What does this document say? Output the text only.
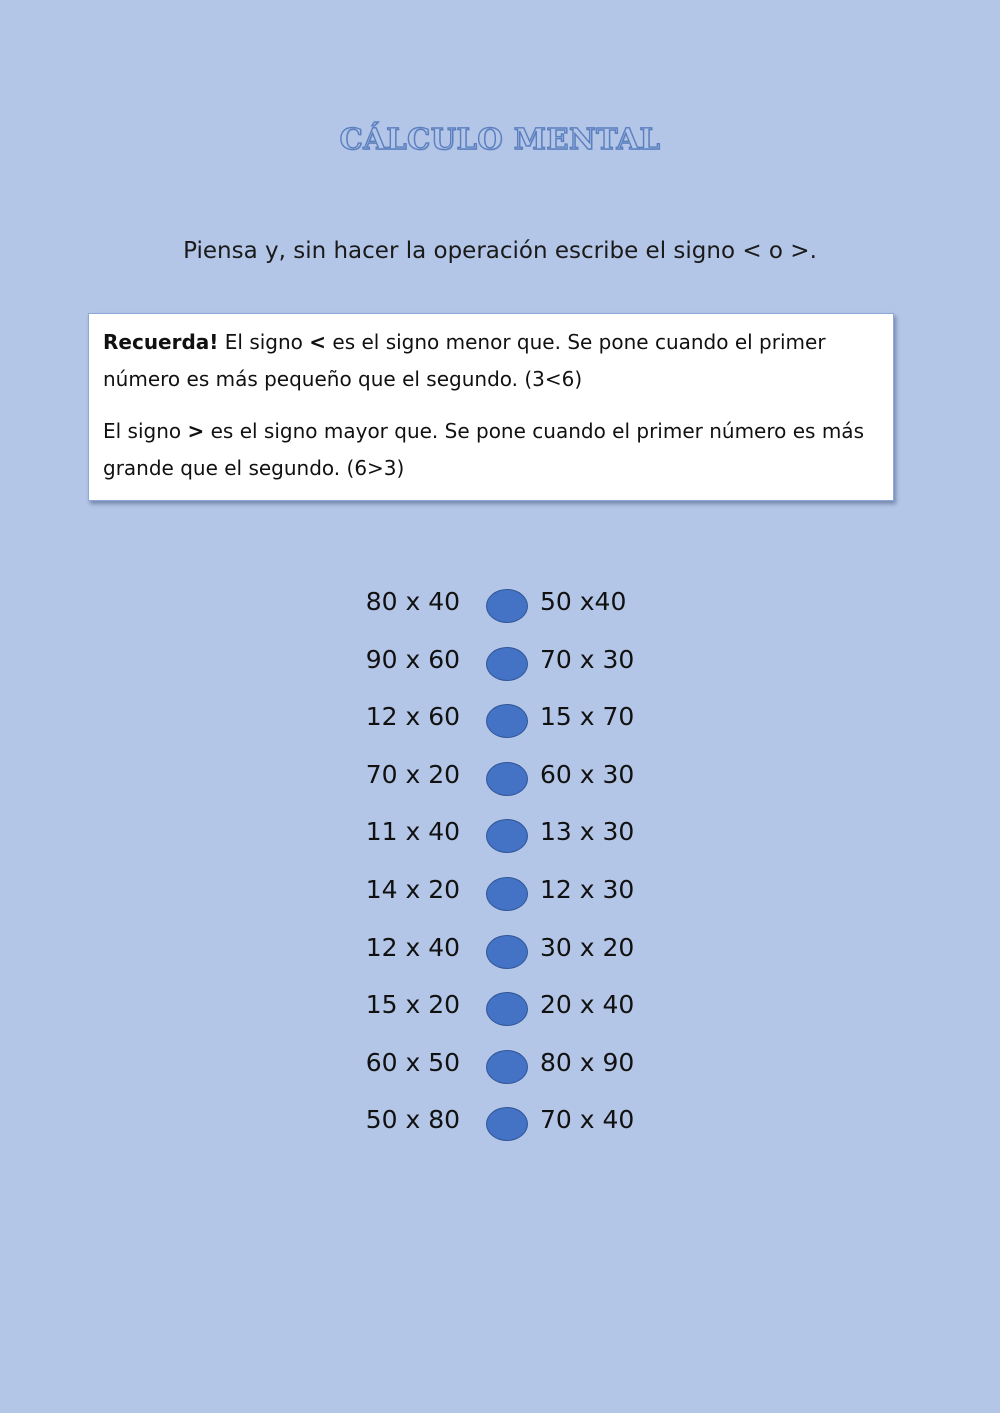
CÁLCULO MENTAL
Piensa y, sin hacer la operación escribe el signo < o >.

Recuerda! El signo < es el signo menor que. Se pone cuando el primer número es más pequeño que el segundo. (3<6)

El signo > es el signo mayor que. Se pone cuando el primer número es más grande que el segundo. (6>3)

80 x 40	50 x40
90 x 60	70 x 30
12 x 60	15 x 70
70 x 20	60 x 30
11 x 40	13 x 30
14 x 20	12 x 30
12 x 40	30 x 20
15 x 20	20 x 40
60 x 50	80 x 90
50 x 80	70 x 40
